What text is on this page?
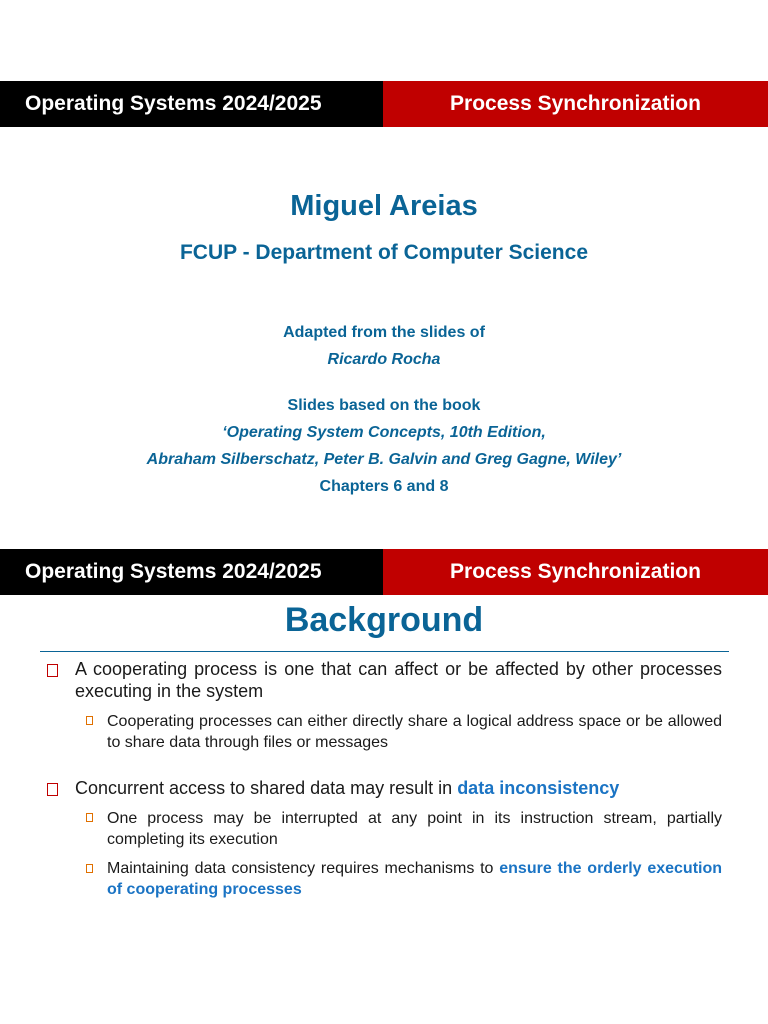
Operating Systems 2024/2025	Process Synchronization
Miguel Areias
FCUP - Department of Computer Science
Adapted from the slides of
Ricardo Rocha
Slides based on the book
‘Operating System Concepts, 10th Edition,
Abraham Silberschatz, Peter B. Galvin and Greg Gagne, Wiley’
Chapters 6 and 8
Operating Systems 2024/2025	Process Synchronization
Background
A cooperating process is one that can affect or be affected by other processes executing in the system
Cooperating processes can either directly share a logical address space or be allowed to share data through files or messages
Concurrent access to shared data may result in data inconsistency
One process may be interrupted at any point in its instruction stream, partially completing its execution
Maintaining data consistency requires mechanisms to ensure the orderly execution of cooperating processes
